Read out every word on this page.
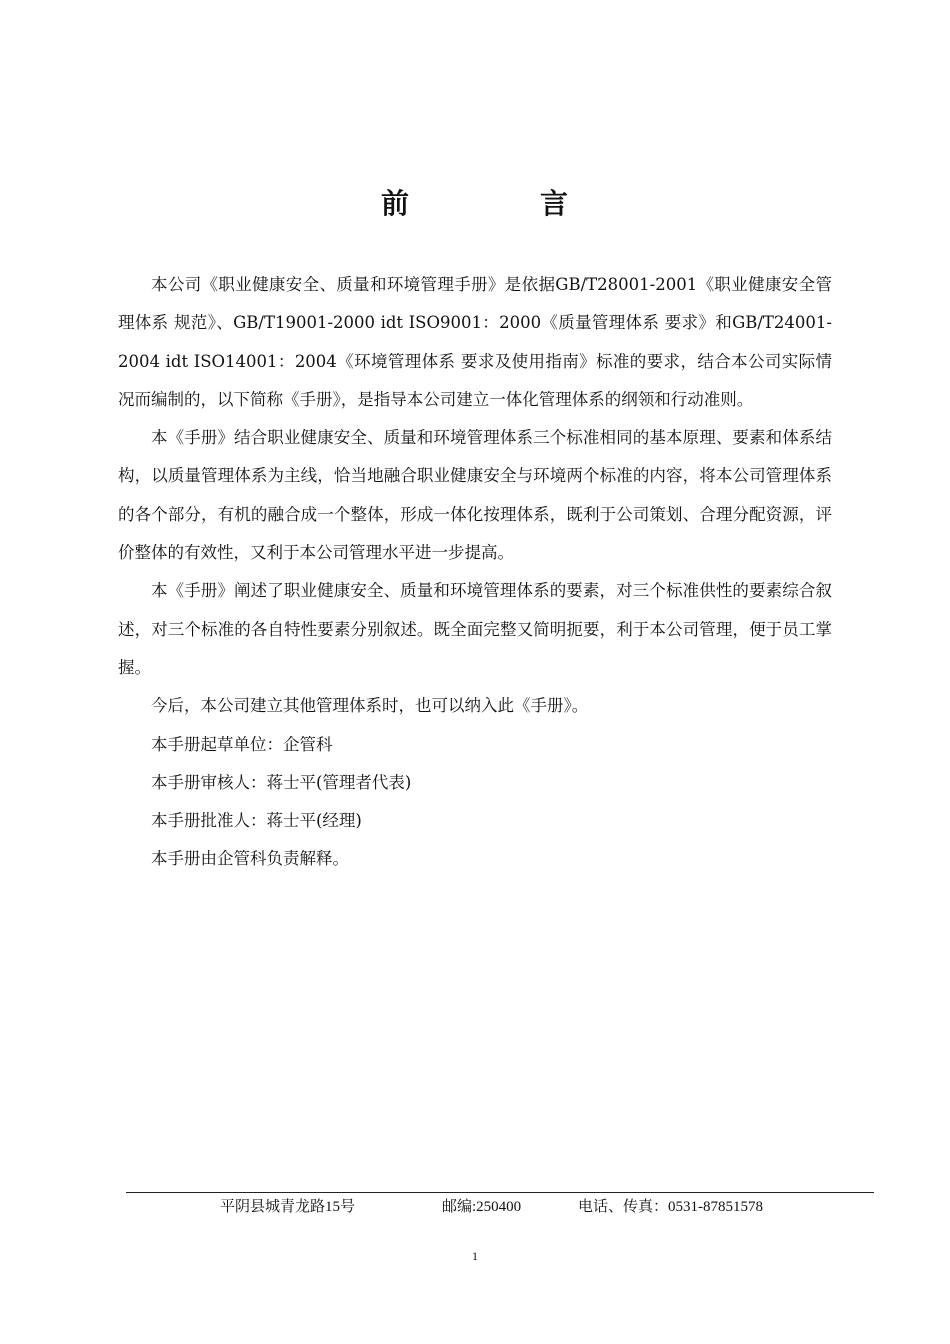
前	言

本公司《职业健康安全、质量和环境管理手册》是依据GB/T28001-2001《职业健康安全管理体系 规范》、GB/T19001-2000 idt ISO9001：2000《质量管理体系 要求》和GB/T24001-2004 idt ISO14001：2004《环境管理体系 要求及使用指南》标准的要求，结合本公司实际情况而编制的，以下简称《手册》，是指导本公司建立一体化管理体系的纲领和行动准则。

本《手册》结合职业健康安全、质量和环境管理体系三个标准相同的基本原理、要素和体系结构，以质量管理体系为主线，恰当地融合职业健康安全与环境两个标准的内容，将本公司管理体系的各个部分，有机的融合成一个整体，形成一体化按理体系，既利于公司策划、合理分配资源，评价整体的有效性，又利于本公司管理水平进一步提高。

本《手册》阐述了职业健康安全、质量和环境管理体系的要素，对三个标准供性的要素综合叙述，对三个标准的各自特性要素分别叙述。既全面完整又简明扼要，利于本公司管理，便于员工掌握。

今后，本公司建立其他管理体系时，也可以纳入此《手册》。

本手册起草单位：企管科

本手册审核人：蒋士平(管理者代表)

本手册批准人：蒋士平(经理)

本手册由企管科负责解释。

平阴县城青龙路15号	邮编:250400	电话、传真：0531-87851578
1
